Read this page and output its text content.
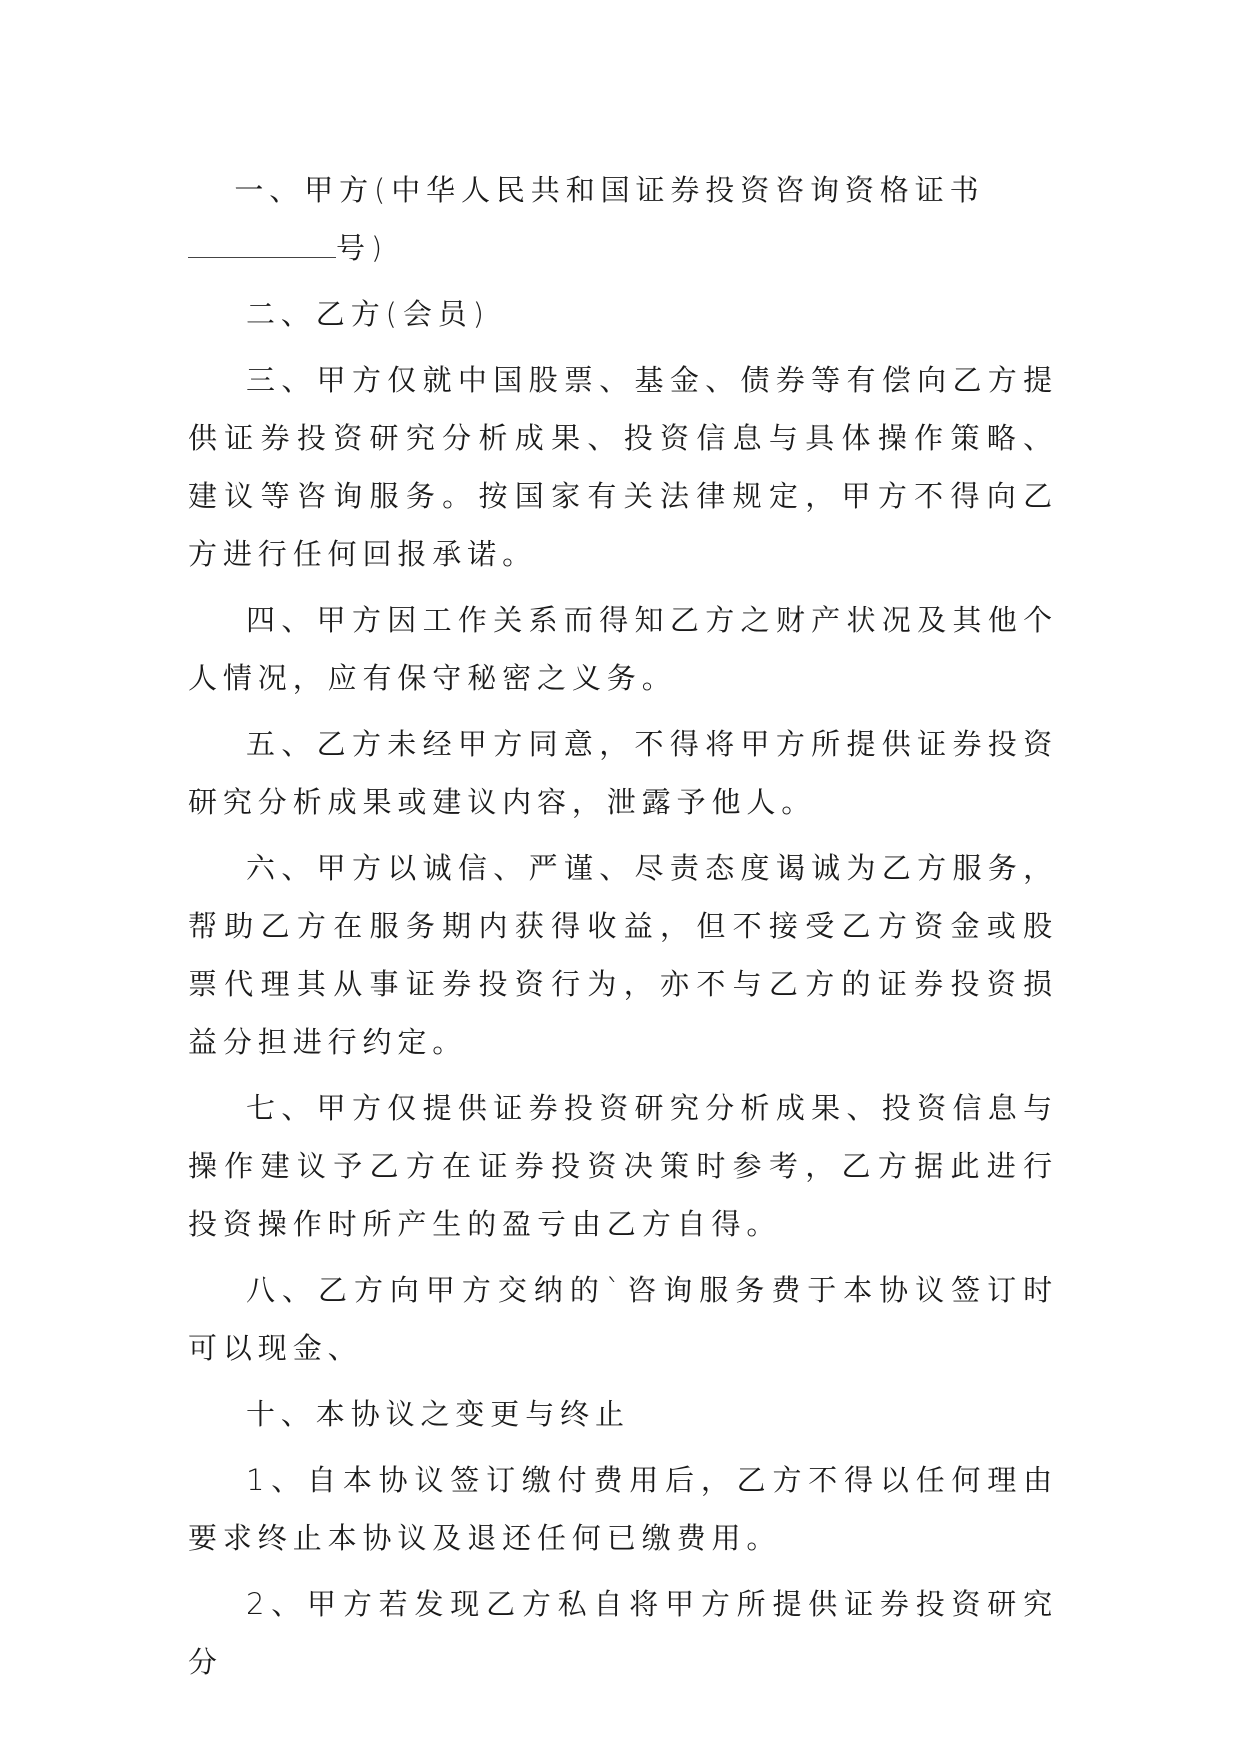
一、甲方(中华人民共和国证券投资咨询资格证书
号)

二、乙方(会员)

三、甲方仅就中国股票、基金、债券等有偿向乙方提供证券投资研究分析成果、投资信息与具体操作策略、建议等咨询服务。按国家有关法律规定，甲方不得向乙方进行任何回报承诺。

四、甲方因工作关系而得知乙方之财产状况及其他个人情况，应有保守秘密之义务。

五、乙方未经甲方同意，不得将甲方所提供证券投资研究分析成果或建议内容，泄露予他人。

六、甲方以诚信、严谨、尽责态度谒诚为乙方服务，帮助乙方在服务期内获得收益，但不接受乙方资金或股票代理其从事证券投资行为，亦不与乙方的证券投资损益分担进行约定。

七、甲方仅提供证券投资研究分析成果、投资信息与操作建议予乙方在证券投资决策时参考，乙方据此进行投资操作时所产生的盈亏由乙方自得。

八、乙方向甲方交纳的`咨询服务费于本协议签订时可以现金、

十、本协议之变更与终止

1、自本协议签订缴付费用后，乙方不得以任何理由要求终止本协议及退还任何已缴费用。

2、甲方若发现乙方私自将甲方所提供证券投资研究分
